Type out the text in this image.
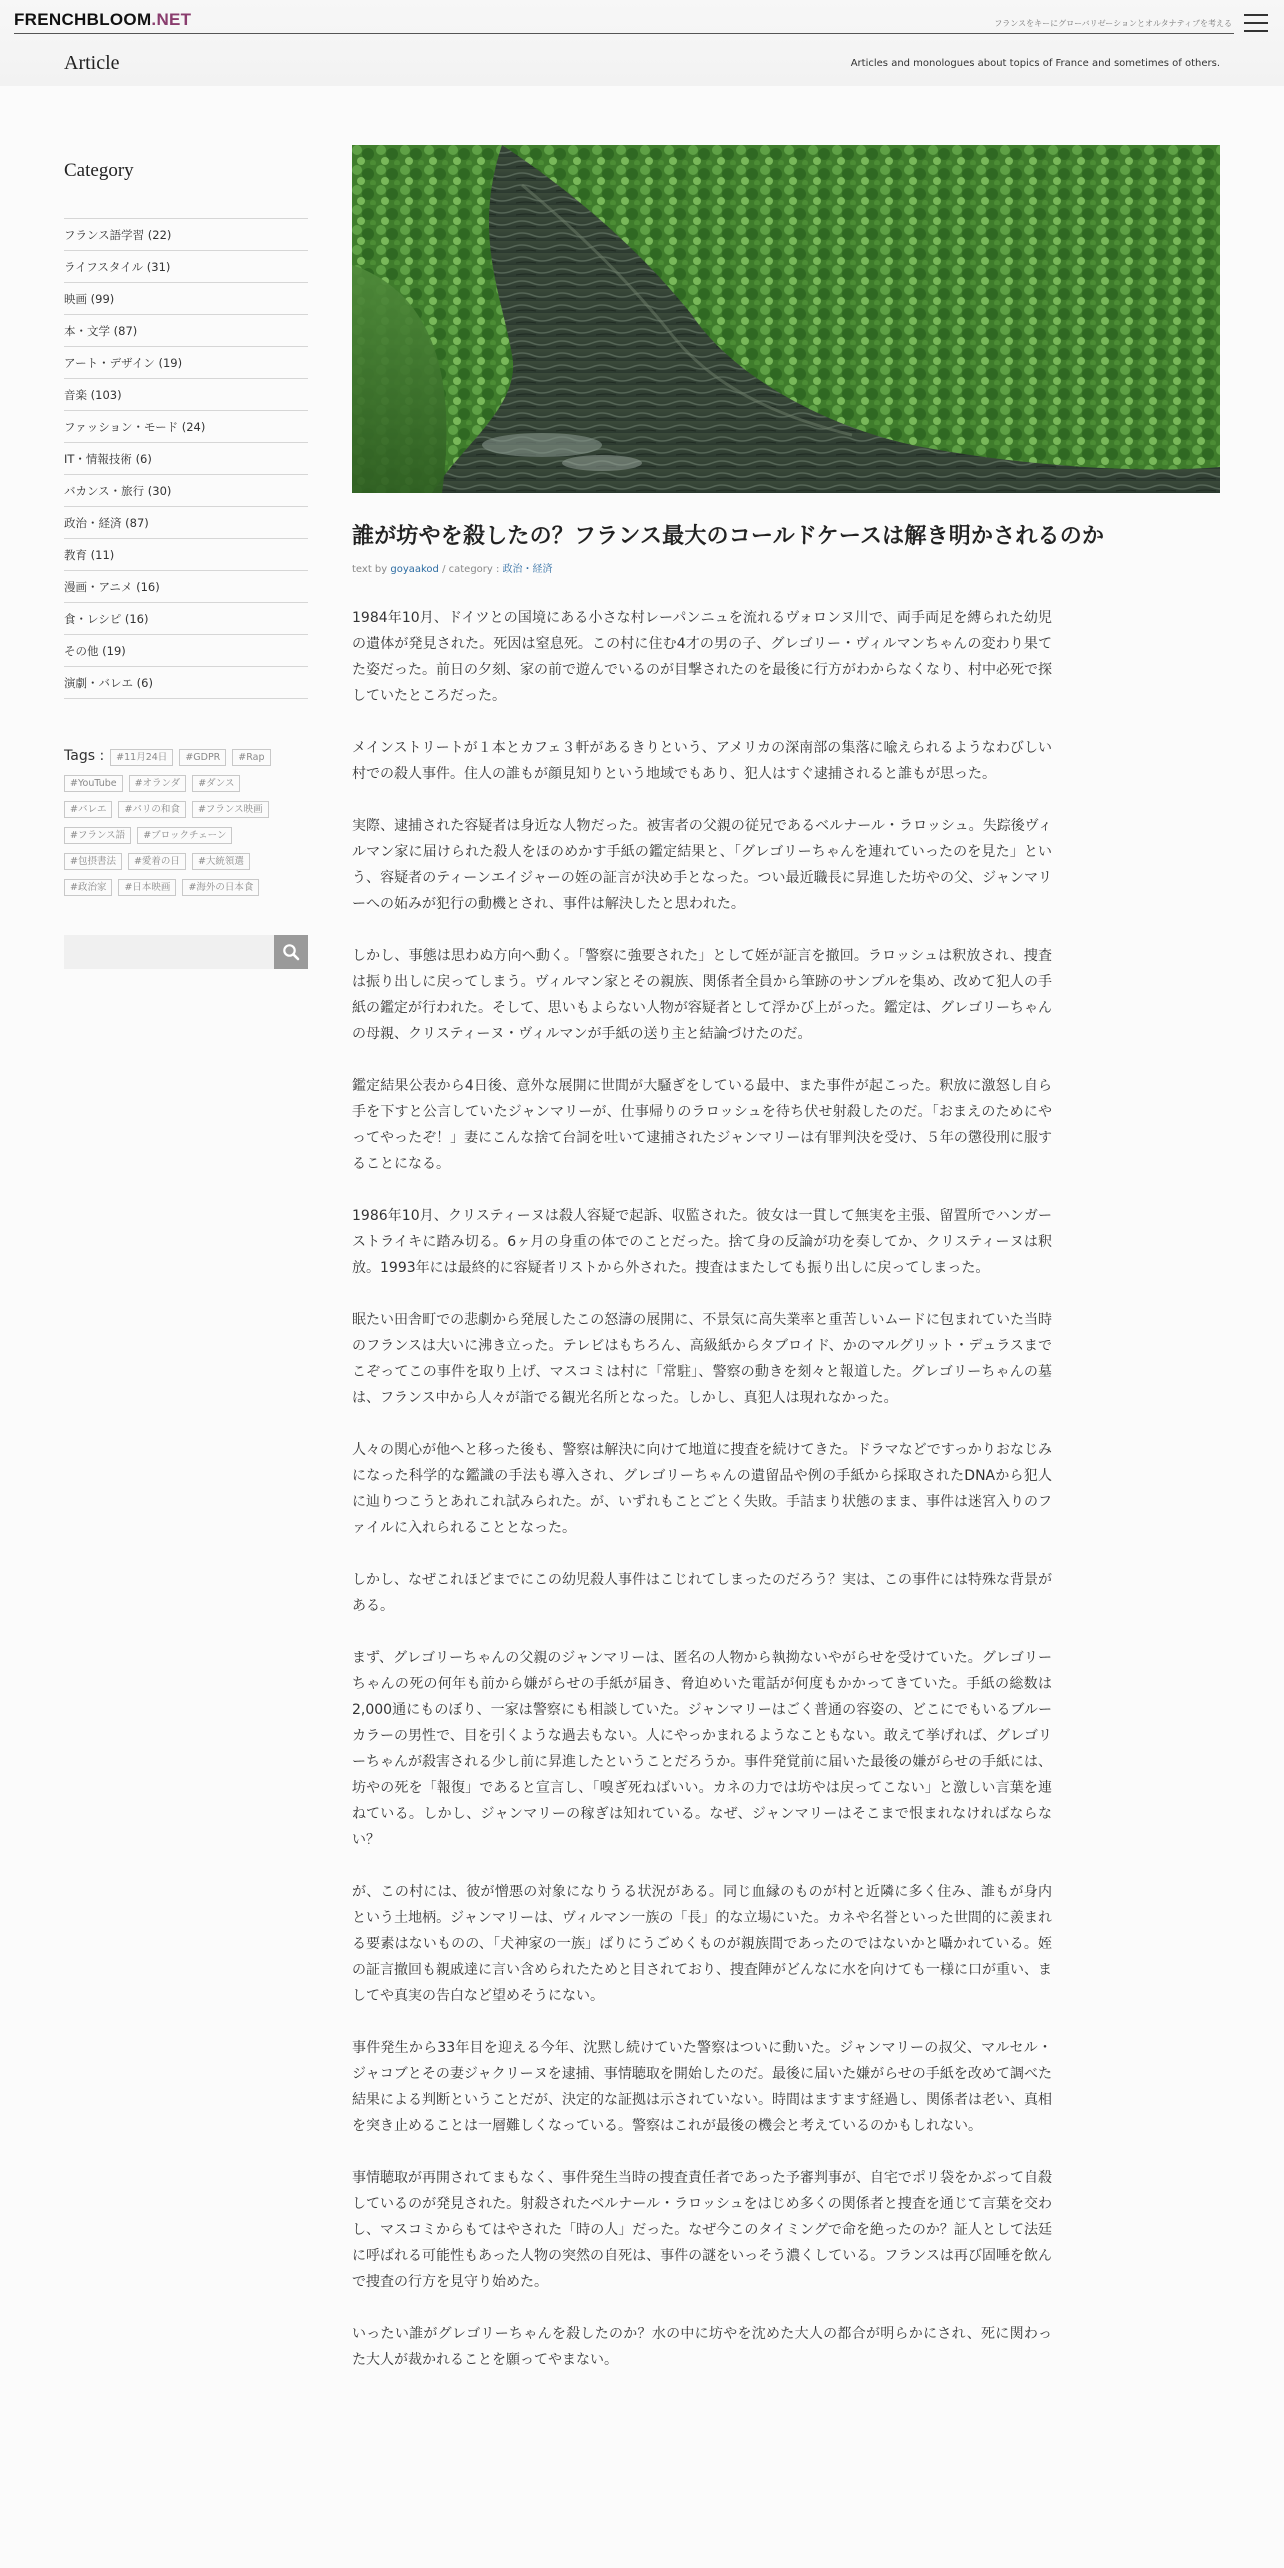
FRENCHBLOOM.NET	フランスをキーにグローバリゼーションとオルタナティブを考える
Article	Articles and monologues about topics of France and sometimes of others.
Category
フランス語学習 (22)
ライフスタイル (31)
映画 (99)
本・文学 (87)
アート・デザイン (19)
音楽 (103)
ファッション・モード (24)
IT・情報技術 (6)
バカンス・旅行 (30)
政治・経済 (87)
教育 (11)
漫画・アニメ (16)
食・レシピ (16)
その他 (19)
演劇・バレエ (6)
Tags : #11月24日 #GDPR #Rap
#YouTube #オランダ #ダンス
#バレエ #パリの和食 #フランス映画
#フランス語 #ブロックチェーン
#包摂書法 #愛着の日 #大統領選
#政治家 #日本映画 #海外の日本食
誰が坊やを殺したの？フランス最大のコールドケースは解き明かされるのか
text by goyaakod / category : 政治・経済

1984年10月、ドイツとの国境にある小さな村レーパンニュを流れるヴォロンヌ川で、両手両足を縛られた幼児の遺体が発見された。死因は窒息死。この村に住む4才の男の子、グレゴリー・ヴィルマンちゃんの変わり果てた姿だった。前日の夕刻、家の前で遊んでいるのが目撃されたのを最後に行方がわからなくなり、村中必死で探していたところだった。

メインストリートが１本とカフェ３軒があるきりという、アメリカの深南部の集落に喩えられるようなわびしい村での殺人事件。住人の誰もが顔見知りという地域でもあり、犯人はすぐ逮捕されると誰もが思った。

実際、逮捕された容疑者は身近な人物だった。被害者の父親の従兄であるベルナール・ラロッシュ。失踪後ヴィルマン家に届けられた殺人をほのめかす手紙の鑑定結果と、「グレゴリーちゃんを連れていったのを見た」という、容疑者のティーンエイジャーの姪の証言が決め手となった。つい最近職長に昇進した坊やの父、ジャンマリーへの妬みが犯行の動機とされ、事件は解決したと思われた。

しかし、事態は思わぬ方向へ動く。「警察に強要された」として姪が証言を撤回。ラロッシュは釈放され、捜査は振り出しに戻ってしまう。ヴィルマン家とその親族、関係者全員から筆跡のサンプルを集め、改めて犯人の手紙の鑑定が行われた。そして、思いもよらない人物が容疑者として浮かび上がった。鑑定は、グレゴリーちゃんの母親、クリスティーヌ・ヴィルマンが手紙の送り主と結論づけたのだ。

鑑定結果公表から4日後、意外な展開に世間が大騒ぎをしている最中、また事件が起こった。釈放に激怒し自ら手を下すと公言していたジャンマリーが、仕事帰りのラロッシュを待ち伏せ射殺したのだ。「おまえのためにやってやったぞ！」妻にこんな捨て台詞を吐いて逮捕されたジャンマリーは有罪判決を受け、５年の懲役刑に服することになる。

1986年10月、クリスティーヌは殺人容疑で起訴、収監された。彼女は一貫して無実を主張、留置所でハンガーストライキに踏み切る。6ヶ月の身重の体でのことだった。捨て身の反論が功を奏してか、クリスティーヌは釈放。1993年には最終的に容疑者リストから外された。捜査はまたしても振り出しに戻ってしまった。

眠たい田舎町での悲劇から発展したこの怒濤の展開に、不景気に高失業率と重苦しいムードに包まれていた当時のフランスは大いに沸き立った。テレビはもちろん、高級紙からタブロイド、かのマルグリット・デュラスまでこぞってこの事件を取り上げ、マスコミは村に「常駐」、警察の動きを刻々と報道した。グレゴリーちゃんの墓は、フランス中から人々が詣でる観光名所となった。しかし、真犯人は現れなかった。

人々の関心が他へと移った後も、警察は解決に向けて地道に捜査を続けてきた。ドラマなどですっかりおなじみになった科学的な鑑識の手法も導入され、グレゴリーちゃんの遺留品や例の手紙から採取されたDNAから犯人に辿りつこうとあれこれ試みられた。が、いずれもことごとく失敗。手詰まり状態のまま、事件は迷宮入りのファイルに入れられることとなった。

しかし、なぜこれほどまでにこの幼児殺人事件はこじれてしまったのだろう？実は、この事件には特殊な背景がある。

まず、グレゴリーちゃんの父親のジャンマリーは、匿名の人物から執拗ないやがらせを受けていた。グレゴリーちゃんの死の何年も前から嫌がらせの手紙が届き、脅迫めいた電話が何度もかかってきていた。手紙の総数は2,000通にものぼり、一家は警察にも相談していた。ジャンマリーはごく普通の容姿の、どこにでもいるブルーカラーの男性で、目を引くような過去もない。人にやっかまれるようなこともない。敢えて挙げれば、グレゴリーちゃんが殺害される少し前に昇進したということだろうか。事件発覚前に届いた最後の嫌がらせの手紙には、坊やの死を「報復」であると宣言し、「嗅ぎ死ねばいい。カネの力では坊やは戻ってこない」と激しい言葉を連ねている。しかし、ジャンマリーの稼ぎは知れている。なぜ、ジャンマリーはそこまで恨まれなければならない？

が、この村には、彼が憎悪の対象になりうる状況がある。同じ血縁のものが村と近隣に多く住み、誰もが身内という土地柄。ジャンマリーは、ヴィルマン一族の「長」的な立場にいた。カネや名誉といった世間的に羨まれる要素はないものの、「犬神家の一族」ばりにうごめくものが親族間であったのではないかと囁かれている。姪の証言撤回も親戚達に言い含められたためと目されており、捜査陣がどんなに水を向けても一様に口が重い、ましてや真実の告白など望めそうにない。

事件発生から33年目を迎える今年、沈黙し続けていた警察はついに動いた。ジャンマリーの叔父、マルセル・ジャコブとその妻ジャクリーヌを逮捕、事情聴取を開始したのだ。最後に届いた嫌がらせの手紙を改めて調べた結果による判断ということだが、決定的な証拠は示されていない。時間はますます経過し、関係者は老い、真相を突き止めることは一層難しくなっている。警察はこれが最後の機会と考えているのかもしれない。

事情聴取が再開されてまもなく、事件発生当時の捜査責任者であった予審判事が、自宅でポリ袋をかぶって自殺しているのが発見された。射殺されたベルナール・ラロッシュをはじめ多くの関係者と捜査を通じて言葉を交わし、マスコミからもてはやされた「時の人」だった。なぜ今このタイミングで命を絶ったのか？証人として法廷に呼ばれる可能性もあった人物の突然の自死は、事件の謎をいっそう濃くしている。フランスは再び固唾を飲んで捜査の行方を見守り始めた。

いったい誰がグレゴリーちゃんを殺したのか？水の中に坊やを沈めた大人の都合が明らかにされ、死に関わった大人が裁かれることを願ってやまない。
